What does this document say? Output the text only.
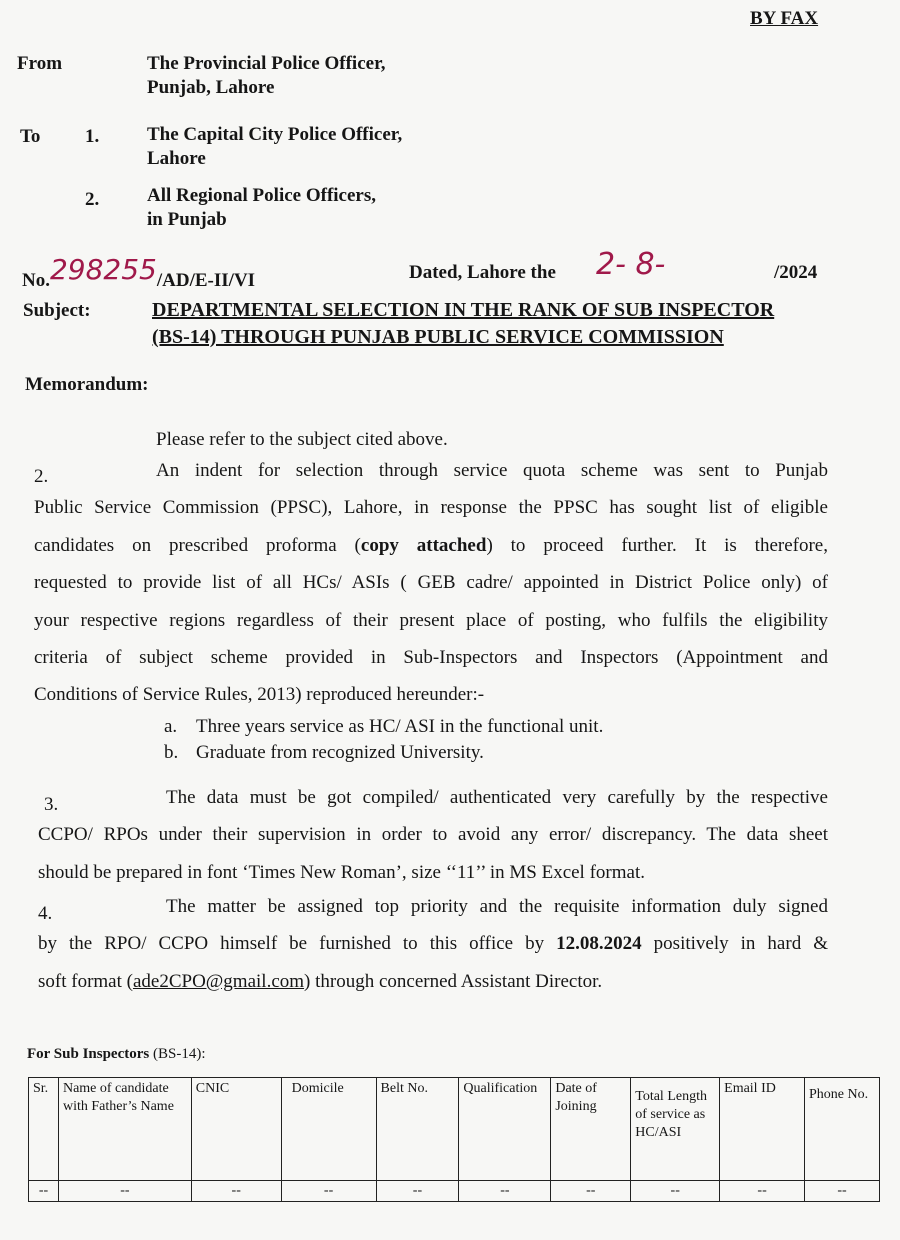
BY FAX
From	The Provincial Police Officer,
Punjab, Lahore
To 1.	The Capital City Police Officer,
Lahore
2.	All Regional Police Officers,
in Punjab
No.298255/AD/E-II/VI	Dated, Lahore the 2- 8-	/2024
Subject:	DEPARTMENTAL SELECTION IN THE RANK OF SUB INSPECTOR
(BS-14) THROUGH PUNJAB PUBLIC SERVICE COMMISSION
Memorandum:
Please refer to the subject cited above.
2.	An indent for selection through service quota scheme was sent to Punjab
Public Service Commission (PPSC), Lahore, in response the PPSC has sought list of eligible
candidates on prescribed proforma (copy attached) to proceed further. It is therefore,
requested to provide list of all HCs/ ASIs ( GEB cadre/ appointed in District Police only) of
your respective regions regardless of their present place of posting, who fulfils the eligibility
criteria of subject scheme provided in Sub-Inspectors and Inspectors (Appointment and
Conditions of Service Rules, 2013) reproduced hereunder:-
a. Three years service as HC/ ASI in the functional unit.
b. Graduate from recognized University.
3.	The data must be got compiled/ authenticated very carefully by the respective
CCPO/ RPOs under their supervision in order to avoid any error/ discrepancy. The data sheet
should be prepared in font ‘Times New Roman’, size ‘‘11’’ in MS Excel format.
4.	The matter be assigned top priority and the requisite information duly signed
by the RPO/ CCPO himself be furnished to this office by 12.08.2024 positively in hard &
soft format (ade2CPO@gmail.com) through concerned Assistant Director.
For Sub Inspectors (BS-14):
Sr.	Name of candidate with Father’s Name	CNIC	Domicile	Belt No.	Qualification	Date of Joining	Total Length of service as HC/ASI	Email ID	Phone No.
--	--	--	--	--	--	--	--	--	--
